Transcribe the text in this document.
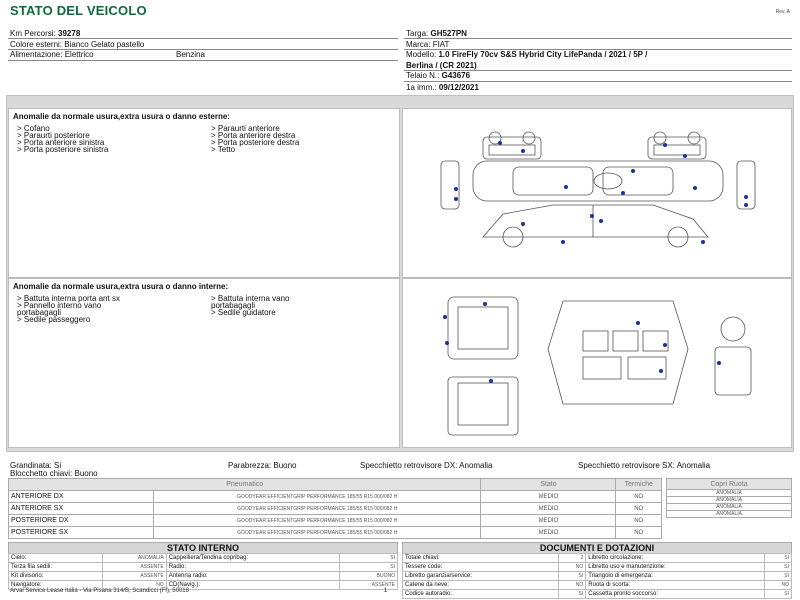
STATO DEL VEICOLO	Rev. A
Km Percorsi: 39278
Colore esterni: Bianco Gelato pastello
Alimentazione: Elettrico	Benzina
Targa: GH527PN
Marca: FIAT
Modello: 1.0 FireFly 70cv S&S Hybrid City LifePanda / 2021 / 5P /
Berlina / (CR 2021)
Telaio N.: G43676
1a imm.: 09/12/2021
Anomalie da normale usura,extra usura o danno esterne:
> Cofano
> Paraurti posteriore
> Porta anteriore sinistra
> Porta posteriore sinistra
> Paraurti anteriore
> Porta anteriore destra
> Porta posteriore destra
> Tetto
Anomalie da normale usura,extra usura o danno interne:
> Battuta interna porta ant sx
> Pannello interno vano
portabagagli
> Sedile passeggero
> Battuta interna vano
portabagagli
> Sedile guidatore
Grandinata: Si
Blocchetto chiavi: Buono
Parabrezza: Buono	Specchietto retrovisore DX: Anomalia	Specchietto retrovisore SX: Anomalia
Pneumatico		Stato	Termiche
ANTERIORE DX	GOODYEAR EFFICIENTGRIP PERFORMANCE 185/55 R15 000/082 H	MEDIO	NO
ANTERIORE SX	GOODYEAR EFFICIENTGRIP PERFORMANCE 185/55 R15 000/082 H	MEDIO	NO
POSTERIORE DX	GOODYEAR EFFICIENTGRIP PERFORMANCE 185/55 R15 000/082 H	MEDIO	NO
POSTERIORE SX	GOODYEAR EFFICIENTGRIP PERFORMANCE 185/55 R15 000/082 H	MEDIO	NO
Copri Ruota
ANOMALIA
ANOMALIA
ANOMALIA
ANOMALIA
STATO INTERNO
Cielo:	ANOMALIA	Cappelliera/Tendina copribag:	SI
Terza fila sedili:	ASSENTE	Radio:	SI
Kit divisorio:	ASSENTE	Antenna radio:	BUONO
Navigatore:	NO	CD(Navig.):	ASSENTE
DOCUMENTI E DOTAZIONI
Totale chiavi:	2	Libretto circolazione:	SI
Tessere code:	NO	Libretto uso e manutenzione:	SI
Libretto garanzia/service:	SI	Triangolo di emergenza:	SI
Catene da neve:	NO	Ruota di scorta:	NO
Codice autoradio:	SI	Cassetta pronto soccorso:	SI
Arval Service Lease Italia - Via Pisana 314/B, Scandicci (FI), 50018	1
